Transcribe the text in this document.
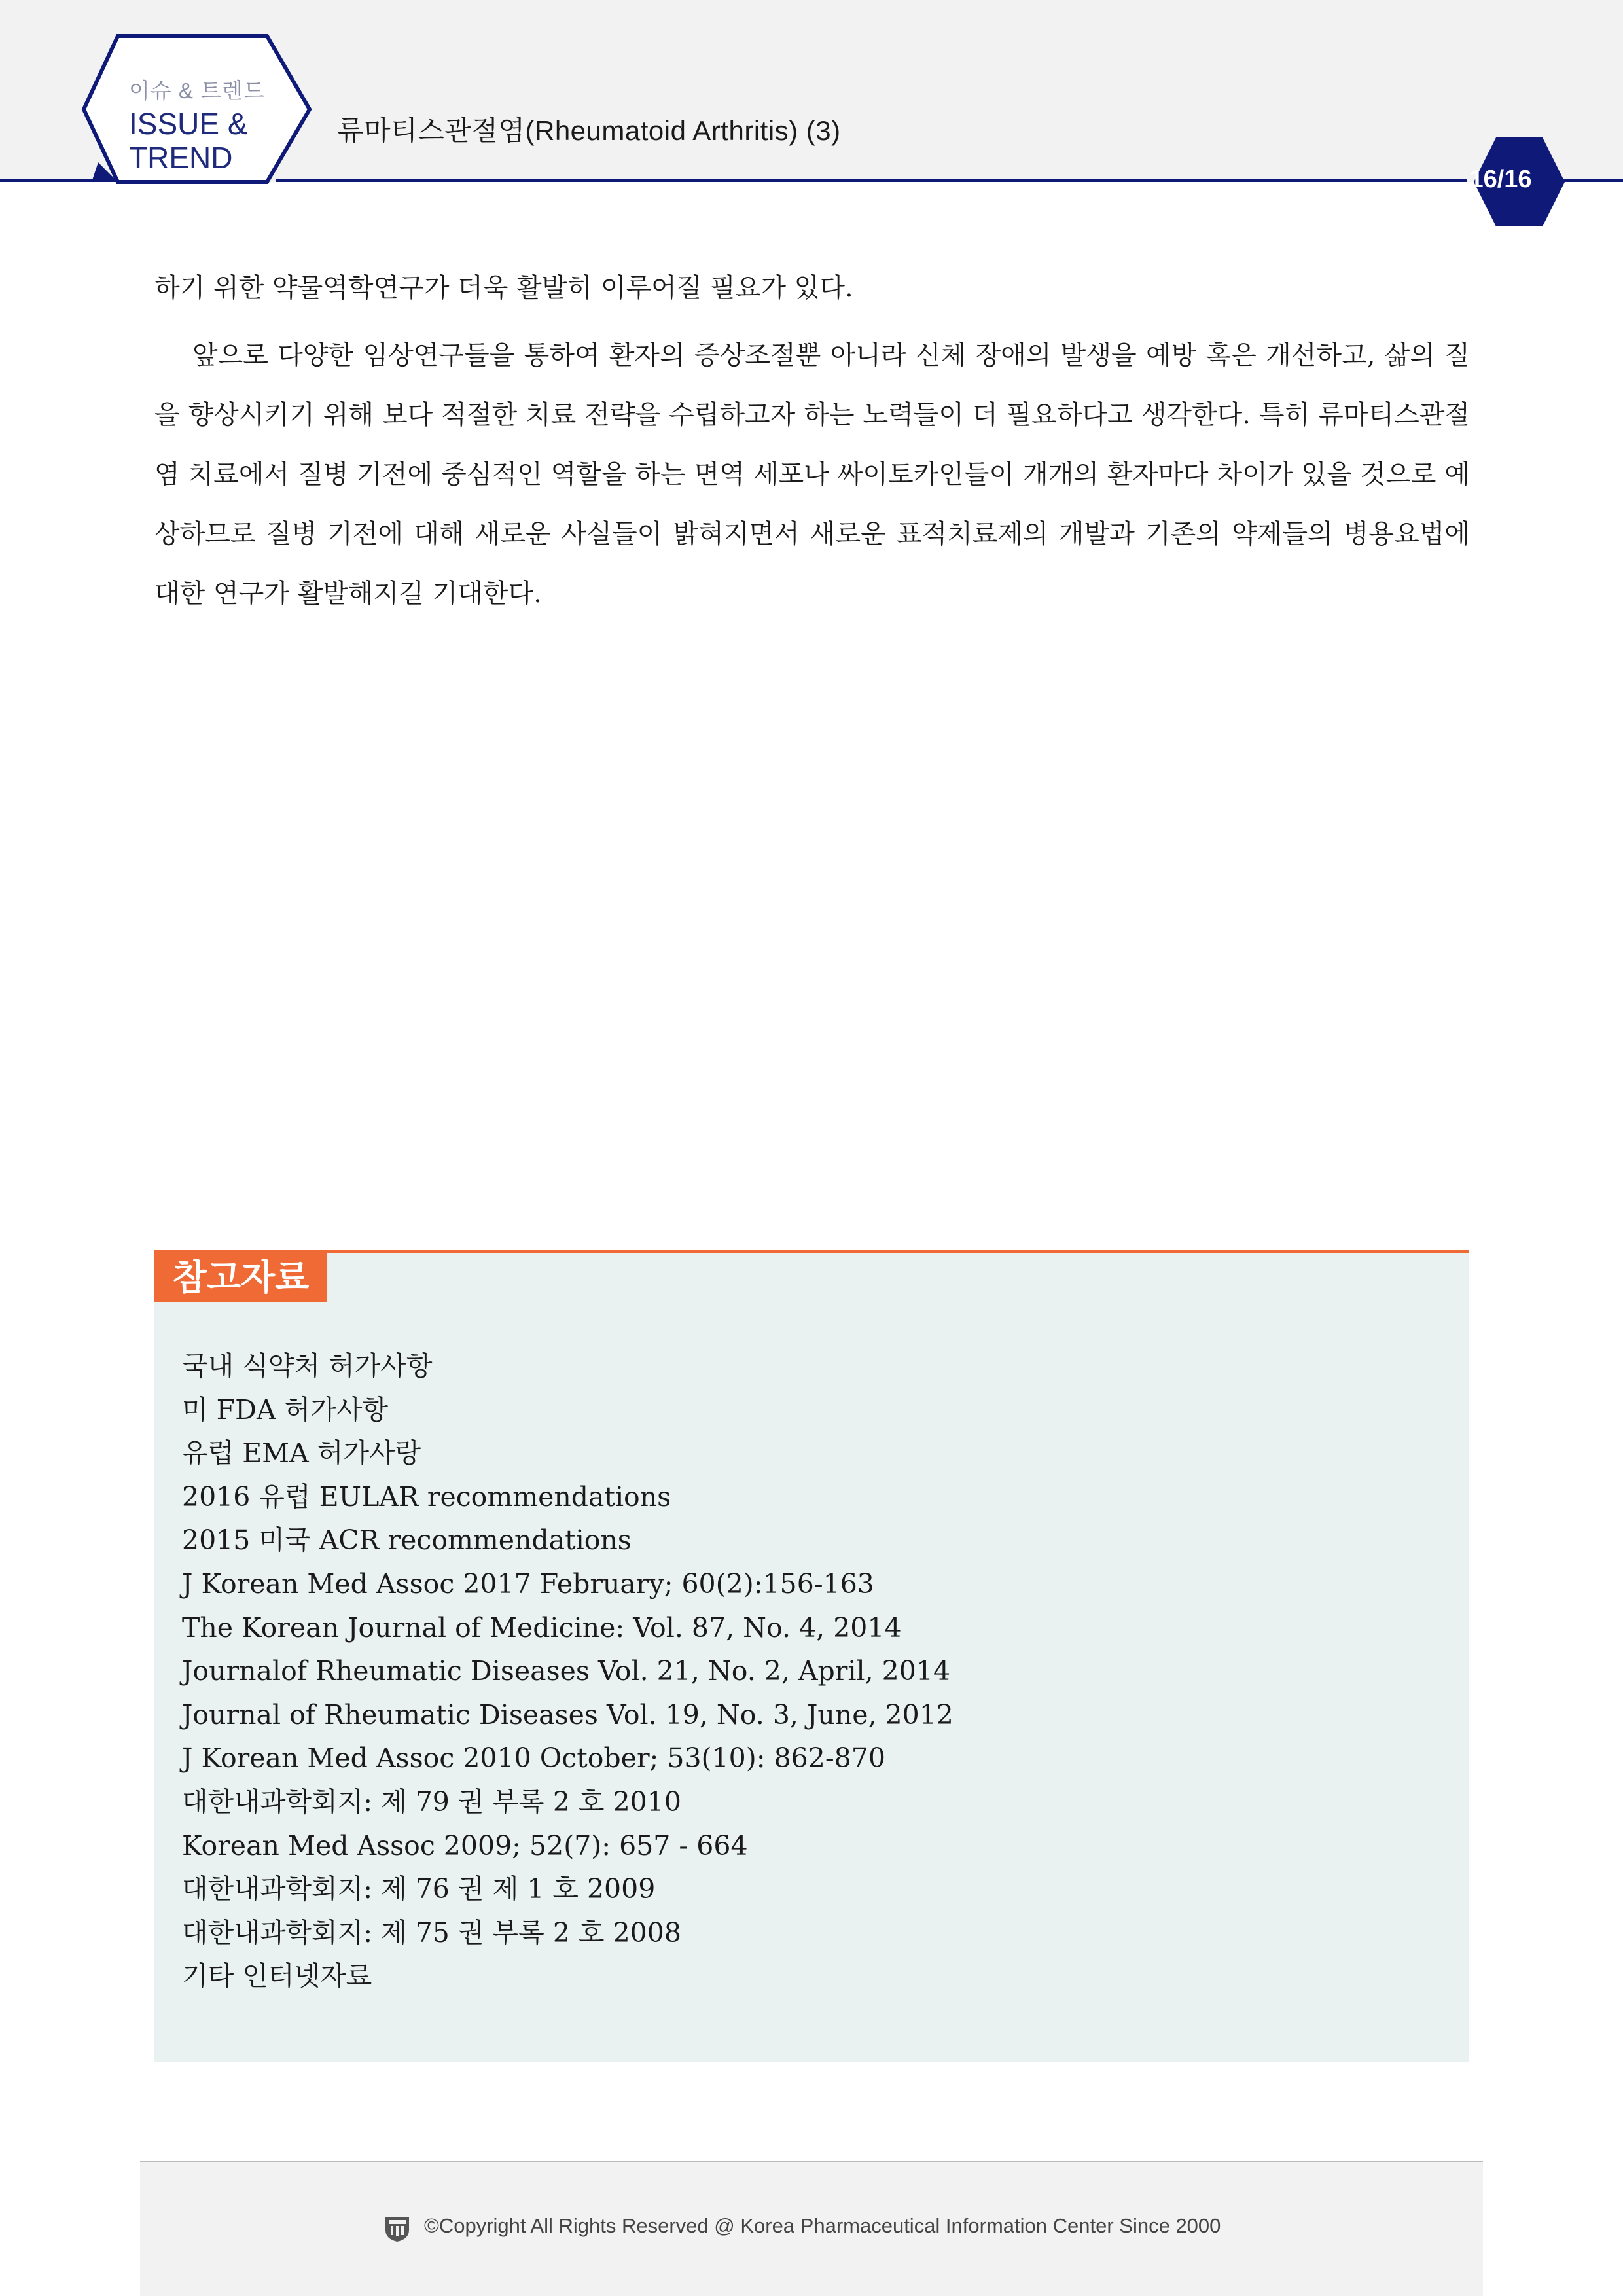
이슈 & 트렌드
ISSUE &
TREND
류마티스관절염(Rheumatoid Arthritis) (3)
16/16

하기 위한 약물역학연구가 더욱 활발히 이루어질 필요가 있다.

앞으로 다양한 임상연구들을 통하여 환자의 증상조절뿐 아니라 신체 장애의 발생을 예방 혹은 개선하고, 삶의 질을 향상시키기 위해 보다 적절한 치료 전략을 수립하고자 하는 노력들이 더 필요하다고 생각한다. 특히 류마티스관절염 치료에서 질병 기전에 중심적인 역할을 하는 면역 세포나 싸이토카인들이 개개의 환자마다 차이가 있을 것으로 예상하므로 질병 기전에 대해 새로운 사실들이 밝혀지면서 새로운 표적치료제의 개발과 기존의 약제들의 병용요법에 대한 연구가 활발해지길 기대한다.

참고자료
국내 식약처 허가사항
미 FDA 허가사항
유럽 EMA 허가사랑
2016 유럽 EULAR recommendations
2015 미국 ACR recommendations
J Korean Med Assoc 2017 February; 60(2):156-163
The Korean Journal of Medicine: Vol. 87, No. 4, 2014
Journalof Rheumatic Diseases Vol. 21, No. 2, April, 2014
Journal of Rheumatic Diseases Vol. 19, No. 3, June, 2012
J Korean Med Assoc 2010 October; 53(10): 862-870
대한내과학회지: 제 79 권 부록 2 호 2010
Korean Med Assoc 2009; 52(7): 657 - 664
대한내과학회지: 제 76 권 제 1 호 2009
대한내과학회지: 제 75 권 부록 2 호 2008
기타 인터넷자료
©Copyright All Rights Reserved @ Korea Pharmaceutical Information Center Since 2000
